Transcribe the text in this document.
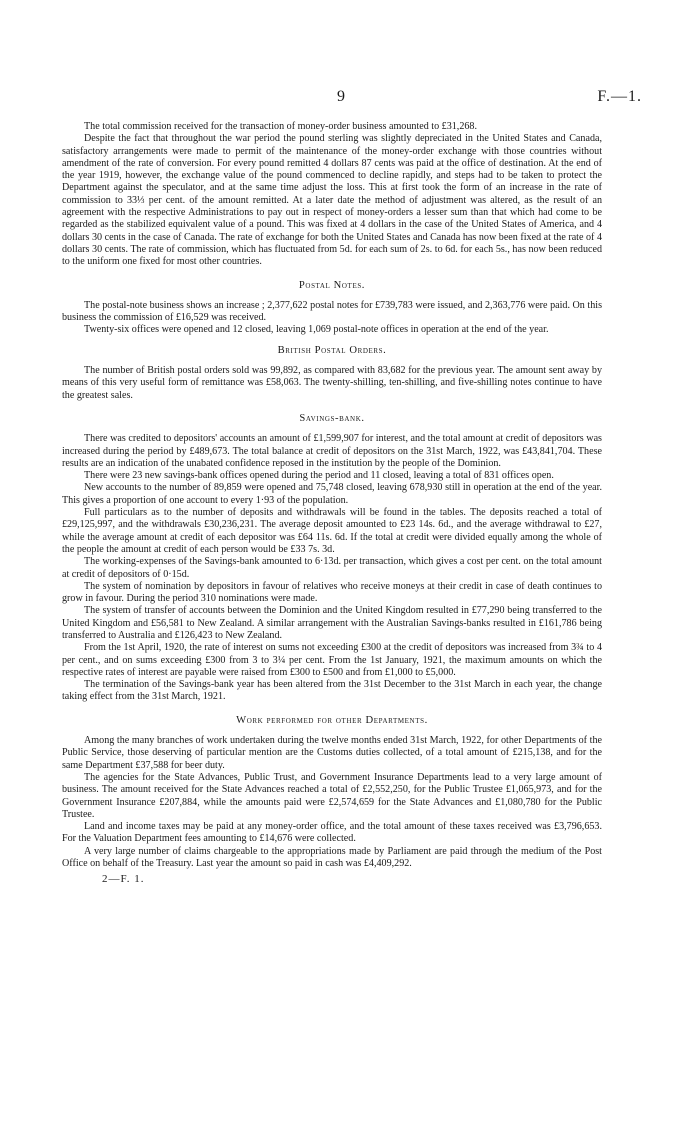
9	F.—1.

The total commission received for the transaction of money-order business amounted to £31,268.

Despite the fact that throughout the war period the pound sterling was slightly depreciated in the United States and Canada, satisfactory arrangements were made to permit of the maintenance of the money-order exchange with those countries without amendment of the rate of conversion. For every pound remitted 4 dollars 87 cents was paid at the office of destination. At the end of the year 1919, however, the exchange value of the pound commenced to decline rapidly, and steps had to be taken to protect the Department against the speculator, and at the same time adjust the loss. This at first took the form of an increase in the rate of commission to 33⅓ per cent. of the amount remitted. At a later date the method of adjustment was altered, as the result of an agreement with the respective Administrations to pay out in respect of money-orders a lesser sum than that which had come to be regarded as the stabilized equivalent value of a pound. This was fixed at 4 dollars in the case of the United States of America, and 4 dollars 30 cents in the case of Canada. The rate of exchange for both the United States and Canada has now been fixed at the rate of 4 dollars 30 cents. The rate of commission, which has fluctuated from 5d. for each sum of 2s. to 6d. for each 5s., has now been reduced to the uniform one fixed for most other countries.

Postal Notes.

The postal-note business shows an increase ; 2,377,622 postal notes for £739,783 were issued, and 2,363,776 were paid. On this business the commission of £16,529 was received.

Twenty-six offices were opened and 12 closed, leaving 1,069 postal-note offices in operation at the end of the year.

British Postal Orders.

The number of British postal orders sold was 99,892, as compared with 83,682 for the previous year. The amount sent away by means of this very useful form of remittance was £58,063. The twenty-shilling, ten-shilling, and five-shilling notes continue to have the greatest sales.

Savings-bank.

There was credited to depositors' accounts an amount of £1,599,907 for interest, and the total amount at credit of depositors was increased during the period by £489,673. The total balance at credit of depositors on the 31st March, 1922, was £43,841,704. These results are an indication of the unabated confidence reposed in the institution by the people of the Dominion.

There were 23 new savings-bank offices opened during the period and 11 closed, leaving a total of 831 offices open.

New accounts to the number of 89,859 were opened and 75,748 closed, leaving 678,930 still in operation at the end of the year. This gives a proportion of one account to every 1·93 of the population.

Full particulars as to the number of deposits and withdrawals will be found in the tables. The deposits reached a total of £29,125,997, and the withdrawals £30,236,231. The average deposit amounted to £23 14s. 6d., and the average withdrawal to £27, while the average amount at credit of each depositor was £64 11s. 6d. If the total at credit were divided equally among the whole of the people the amount at credit of each person would be £33 7s. 3d.

The working-expenses of the Savings-bank amounted to 6·13d. per transaction, which gives a cost per cent. on the total amount at credit of depositors of 0·15d.

The system of nomination by depositors in favour of relatives who receive moneys at their credit in case of death continues to grow in favour. During the period 310 nominations were made.

The system of transfer of accounts between the Dominion and the United Kingdom resulted in £77,290 being transferred to the United Kingdom and £56,581 to New Zealand. A similar arrangement with the Australian Savings-banks resulted in £161,786 being transferred to Australia and £126,423 to New Zealand.

From the 1st April, 1920, the rate of interest on sums not exceeding £300 at the credit of depositors was increased from 3¾ to 4 per cent., and on sums exceeding £300 from 3 to 3¼ per cent. From the 1st January, 1921, the maximum amounts on which the respective rates of interest are payable were raised from £300 to £500 and from £1,000 to £5,000.

The termination of the Savings-bank year has been altered from the 31st December to the 31st March in each year, the change taking effect from the 31st March, 1921.

Work performed for other Departments.

Among the many branches of work undertaken during the twelve months ended 31st March, 1922, for other Departments of the Public Service, those deserving of particular mention are the Customs duties collected, of a total amount of £215,138, and for the same Department £37,588 for beer duty.

The agencies for the State Advances, Public Trust, and Government Insurance Departments lead to a very large amount of business. The amount received for the State Advances reached a total of £2,552,250, for the Public Trustee £1,065,973, and for the Government Insurance £207,884, while the amounts paid were £2,574,659 for the State Advances and £1,080,780 for the Public Trustee.

Land and income taxes may be paid at any money-order office, and the total amount of these taxes received was £3,796,653. For the Valuation Department fees amounting to £14,676 were collected.

A very large number of claims chargeable to the appropriations made by Parliament are paid through the medium of the Post Office on behalf of the Treasury. Last year the amount so paid in cash was £4,409,292.

2—F. 1.
